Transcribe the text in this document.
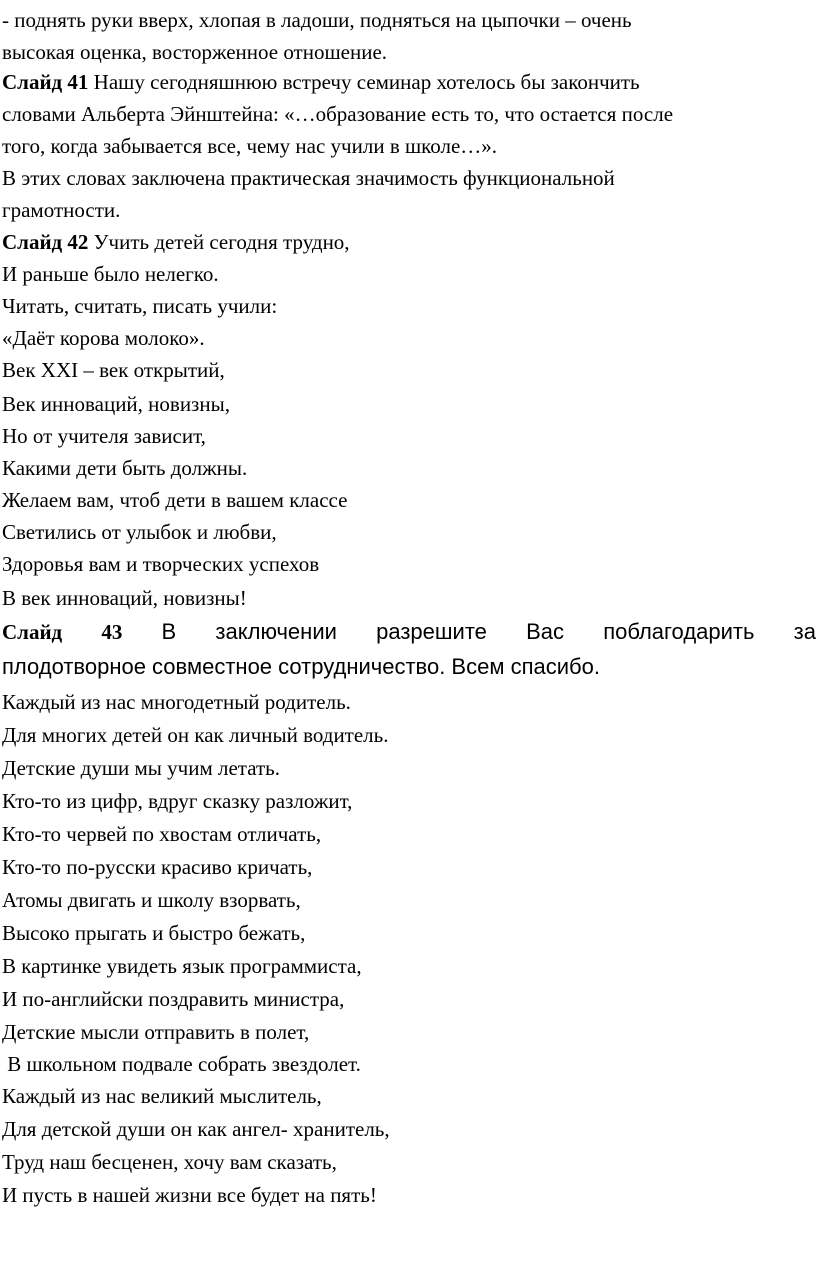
- поднять руки вверх, хлопая в ладоши, подняться на цыпочки – очень
высокая оценка, восторженное отношение.
Слайд 41 Нашу сегодняшнюю встречу семинар хотелось бы закончить
словами Альберта Эйнштейна: «…образование есть то, что остается после
того, когда забывается все, чему нас учили в школе…».
В этих словах заключена практическая значимость функциональной
грамотности.
Слайд 42 Учить детей сегодня трудно,
И раньше было нелегко.
Читать, считать, писать учили:
«Даёт корова молоко».
Век XXI – век открытий,
Век инноваций, новизны,
Но от учителя зависит,
Какими дети быть должны.
Желаем вам, чтоб дети в вашем классе
Светились от улыбок и любви,
Здоровья вам и творческих успехов
В век инноваций, новизны!
Слайд 43 В заключении разрешите Вас поблагодарить за
плодотворное совместное сотрудничество. Всем спасибо.
Каждый из нас многодетный родитель.
Для многих детей он как личный водитель.
Детские души мы учим летать.
Кто-то из цифр, вдруг сказку разложит,
Кто-то червей по хвостам отличать,
Кто-то по-русски красиво кричать,
Атомы двигать и школу взорвать,
Высоко прыгать и быстро бежать,
В картинке увидеть язык программиста,
И по-английски поздравить министра,
Детские мысли отправить в полет,
В школьном подвале собрать звездолет.
Каждый из нас великий мыслитель,
Для детской души он как ангел- хранитель,
Труд наш бесценен, хочу вам сказать,
И пусть в нашей жизни все будет на пять!
